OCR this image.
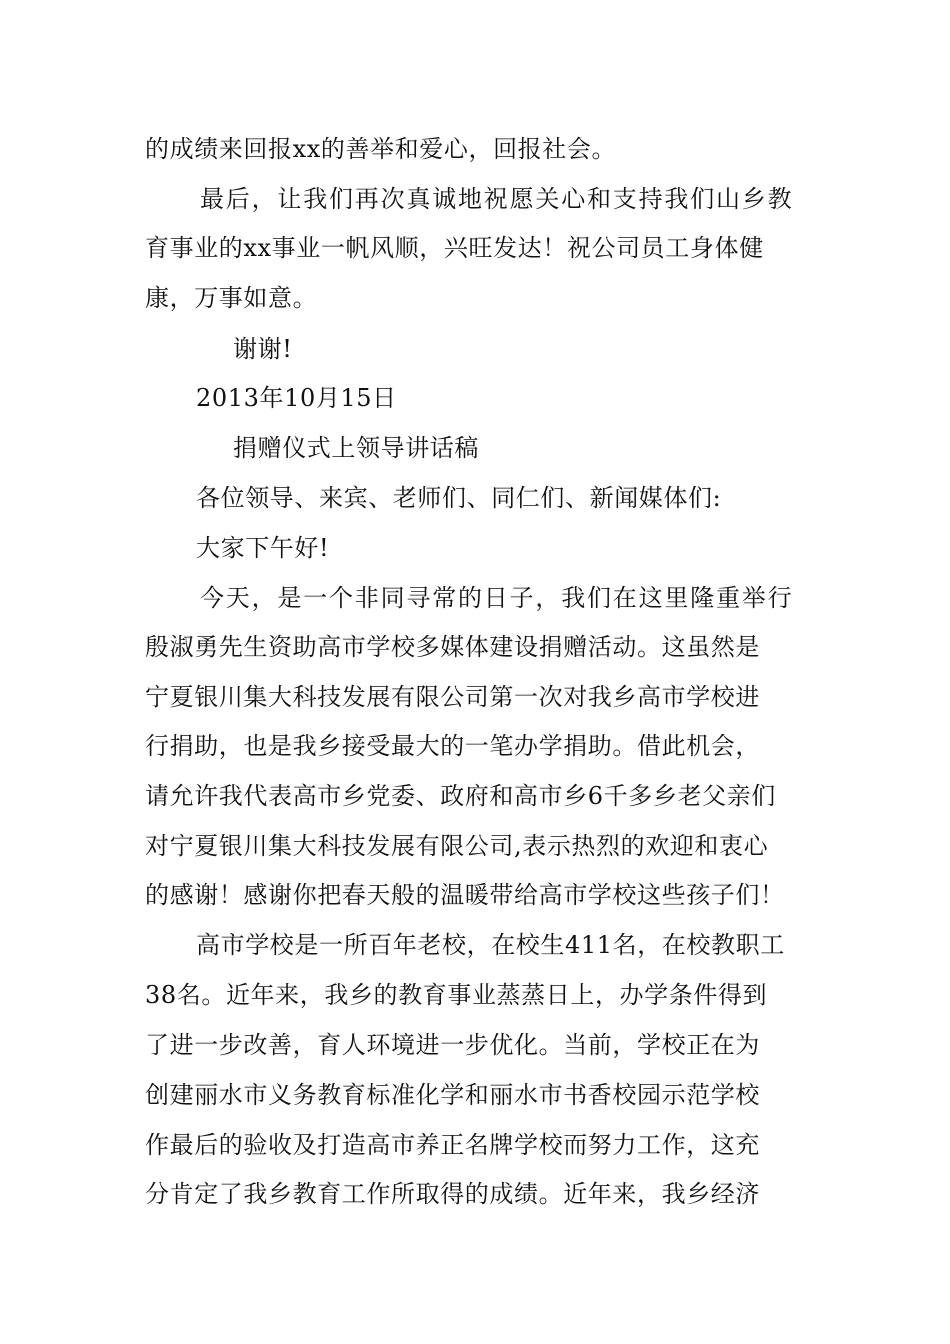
的成绩来回报xx的善举和爱心，回报社会。
最后，让我们再次真诚地祝愿关心和支持我们山乡教
育事业的xx事业一帆风顺，兴旺发达！祝公司员工身体健
康，万事如意。
谢谢!
2013年10月15日
捐赠仪式上领导讲话稿
各位领导、来宾、老师们、同仁们、新闻媒体们:
大家下午好!
今天，是一个非同寻常的日子，我们在这里隆重举行
殷淑勇先生资助高市学校多媒体建设捐赠活动。这虽然是
宁夏银川集大科技发展有限公司第一次对我乡高市学校进
行捐助，也是我乡接受最大的一笔办学捐助。借此机会，
请允许我代表高市乡党委、政府和高市乡6千多乡老父亲们
对宁夏银川集大科技发展有限公司,表示热烈的欢迎和衷心
的感谢！感谢你把春天般的温暖带给高市学校这些孩子们！
高市学校是一所百年老校，在校生411名，在校教职工
38名。近年来，我乡的教育事业蒸蒸日上，办学条件得到
了进一步改善，育人环境进一步优化。当前，学校正在为
创建丽水市义务教育标准化学和丽水市书香校园示范学校
作最后的验收及打造高市养正名牌学校而努力工作，这充
分肯定了我乡教育工作所取得的成绩。近年来，我乡经济
